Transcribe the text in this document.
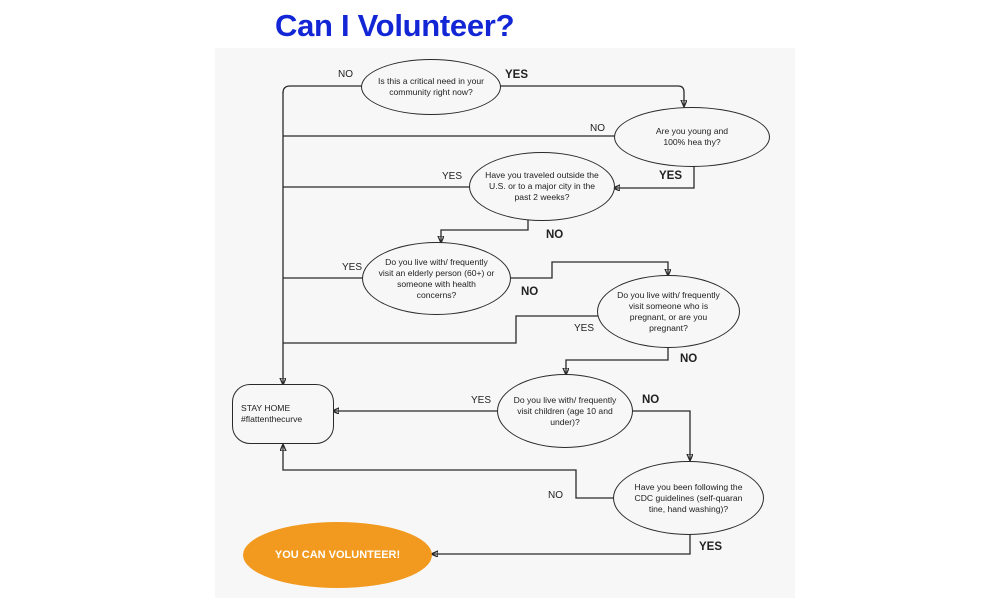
Can I Volunteer?
Is this a critical need in your community right now?
Are you young and 100% hea thy?
Have you traveled outside the U.S. or to a major city in the past 2 weeks?
Do you live with/ frequently visit an elderly person (60+) or someone with health concerns?	Do you live with/ frequently visit someone who is pregnant, or are you pregnant?
Do you live with/ frequently visit children (age 10 and under)?
Have you been following the CDC guidelines (self-quaran tine, hand washing)?
STAY HOME
#flattenthecurve
YOU CAN VOLUNTEER!
NO	YES
NO
YES
YES
NO
YES
NO
YES
NO
YES	NO
NO
YES
